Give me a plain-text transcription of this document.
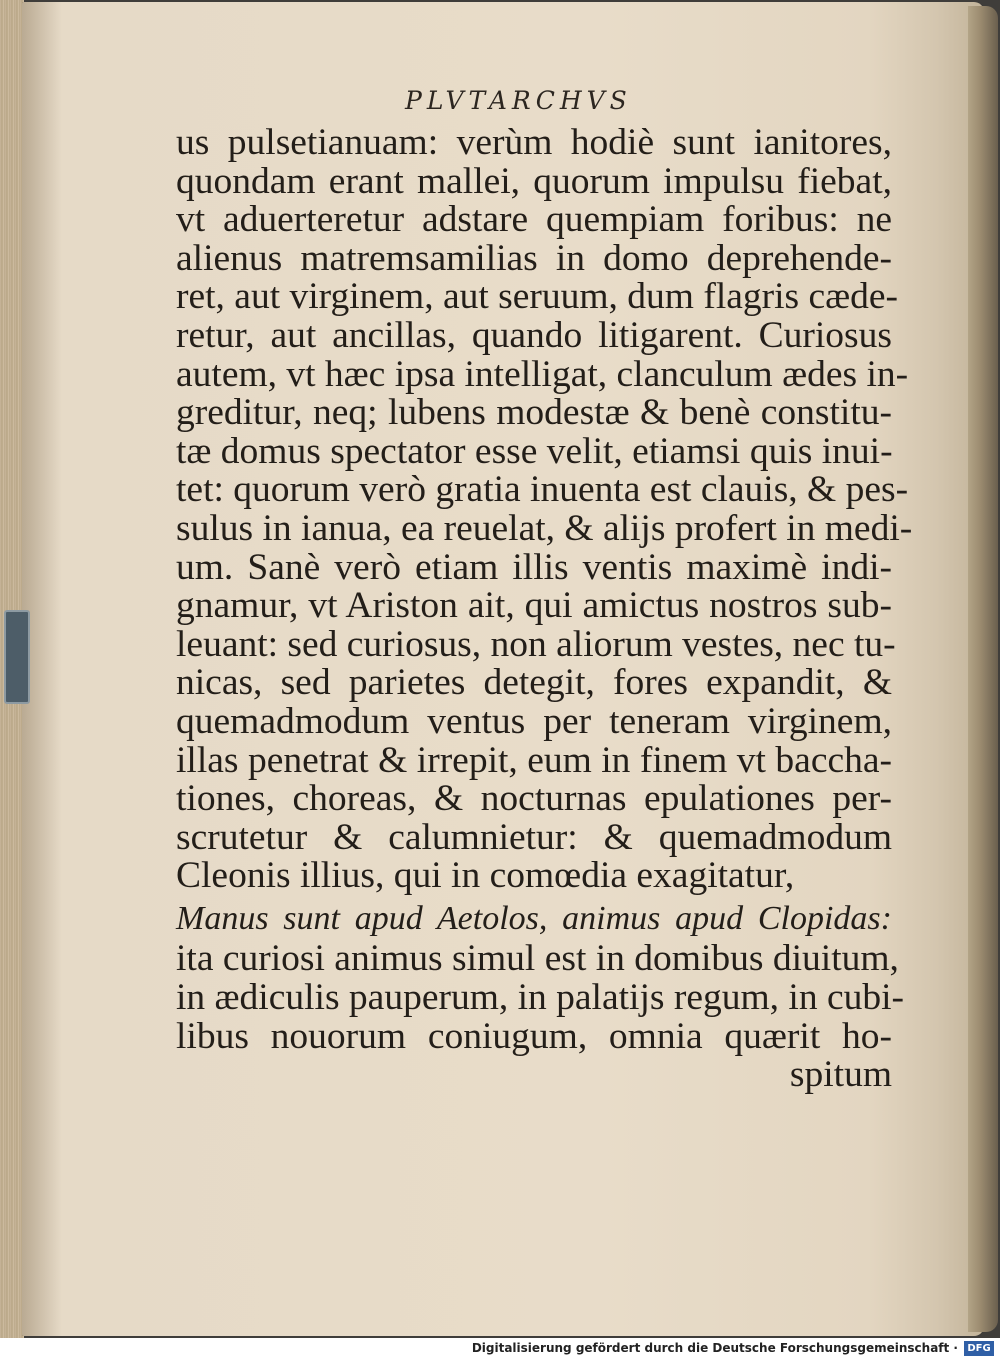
PLVTARCHVS
us pulsetianuam: verùm hodiè sunt ianitores,
quondam erant mallei, quorum impulsu fiebat,
vt aduerteretur adstare quempiam foribus: ne
alienus matremsamilias in domo deprehende-
ret, aut virginem, aut seruum, dum flagris cæde-
retur, aut ancillas, quando litigarent. Curiosus
autem, vt hæc ipsa intelligat, clanculum ædes in-
greditur, neq; lubens modestæ & benè constitu-
tæ domus spectator esse velit, etiamsi quis inui-
tet: quorum verò gratia inuenta est clauis, & pes-
sulus in ianua, ea reuelat, & alijs profert in medi-
um. Sanè verò etiam illis ventis maximè indi-
gnamur, vt Ariston ait, qui amictus nostros sub-
leuant: sed curiosus, non aliorum vestes, nec tu-
nicas, sed parietes detegit, fores expandit, &
quemadmodum ventus per teneram virginem,
illas penetrat & irrepit, eum in finem vt baccha-
tiones, choreas, & nocturnas epulationes per-
scrutetur & calumnietur: & quemadmodum
Cleonis illius, qui in comœdia exagitatur,
Manus sunt apud Aetolos, animus apud Clopidas:
ita curiosi animus simul est in domibus diuitum,
in ædiculis pauperum, in palatijs regum, in cubi-
libus nouorum coniugum, omnia quærit ho-
spitum
Digitalisierung gefördert durch die Deutsche Forschungsgemeinschaft · DFG
